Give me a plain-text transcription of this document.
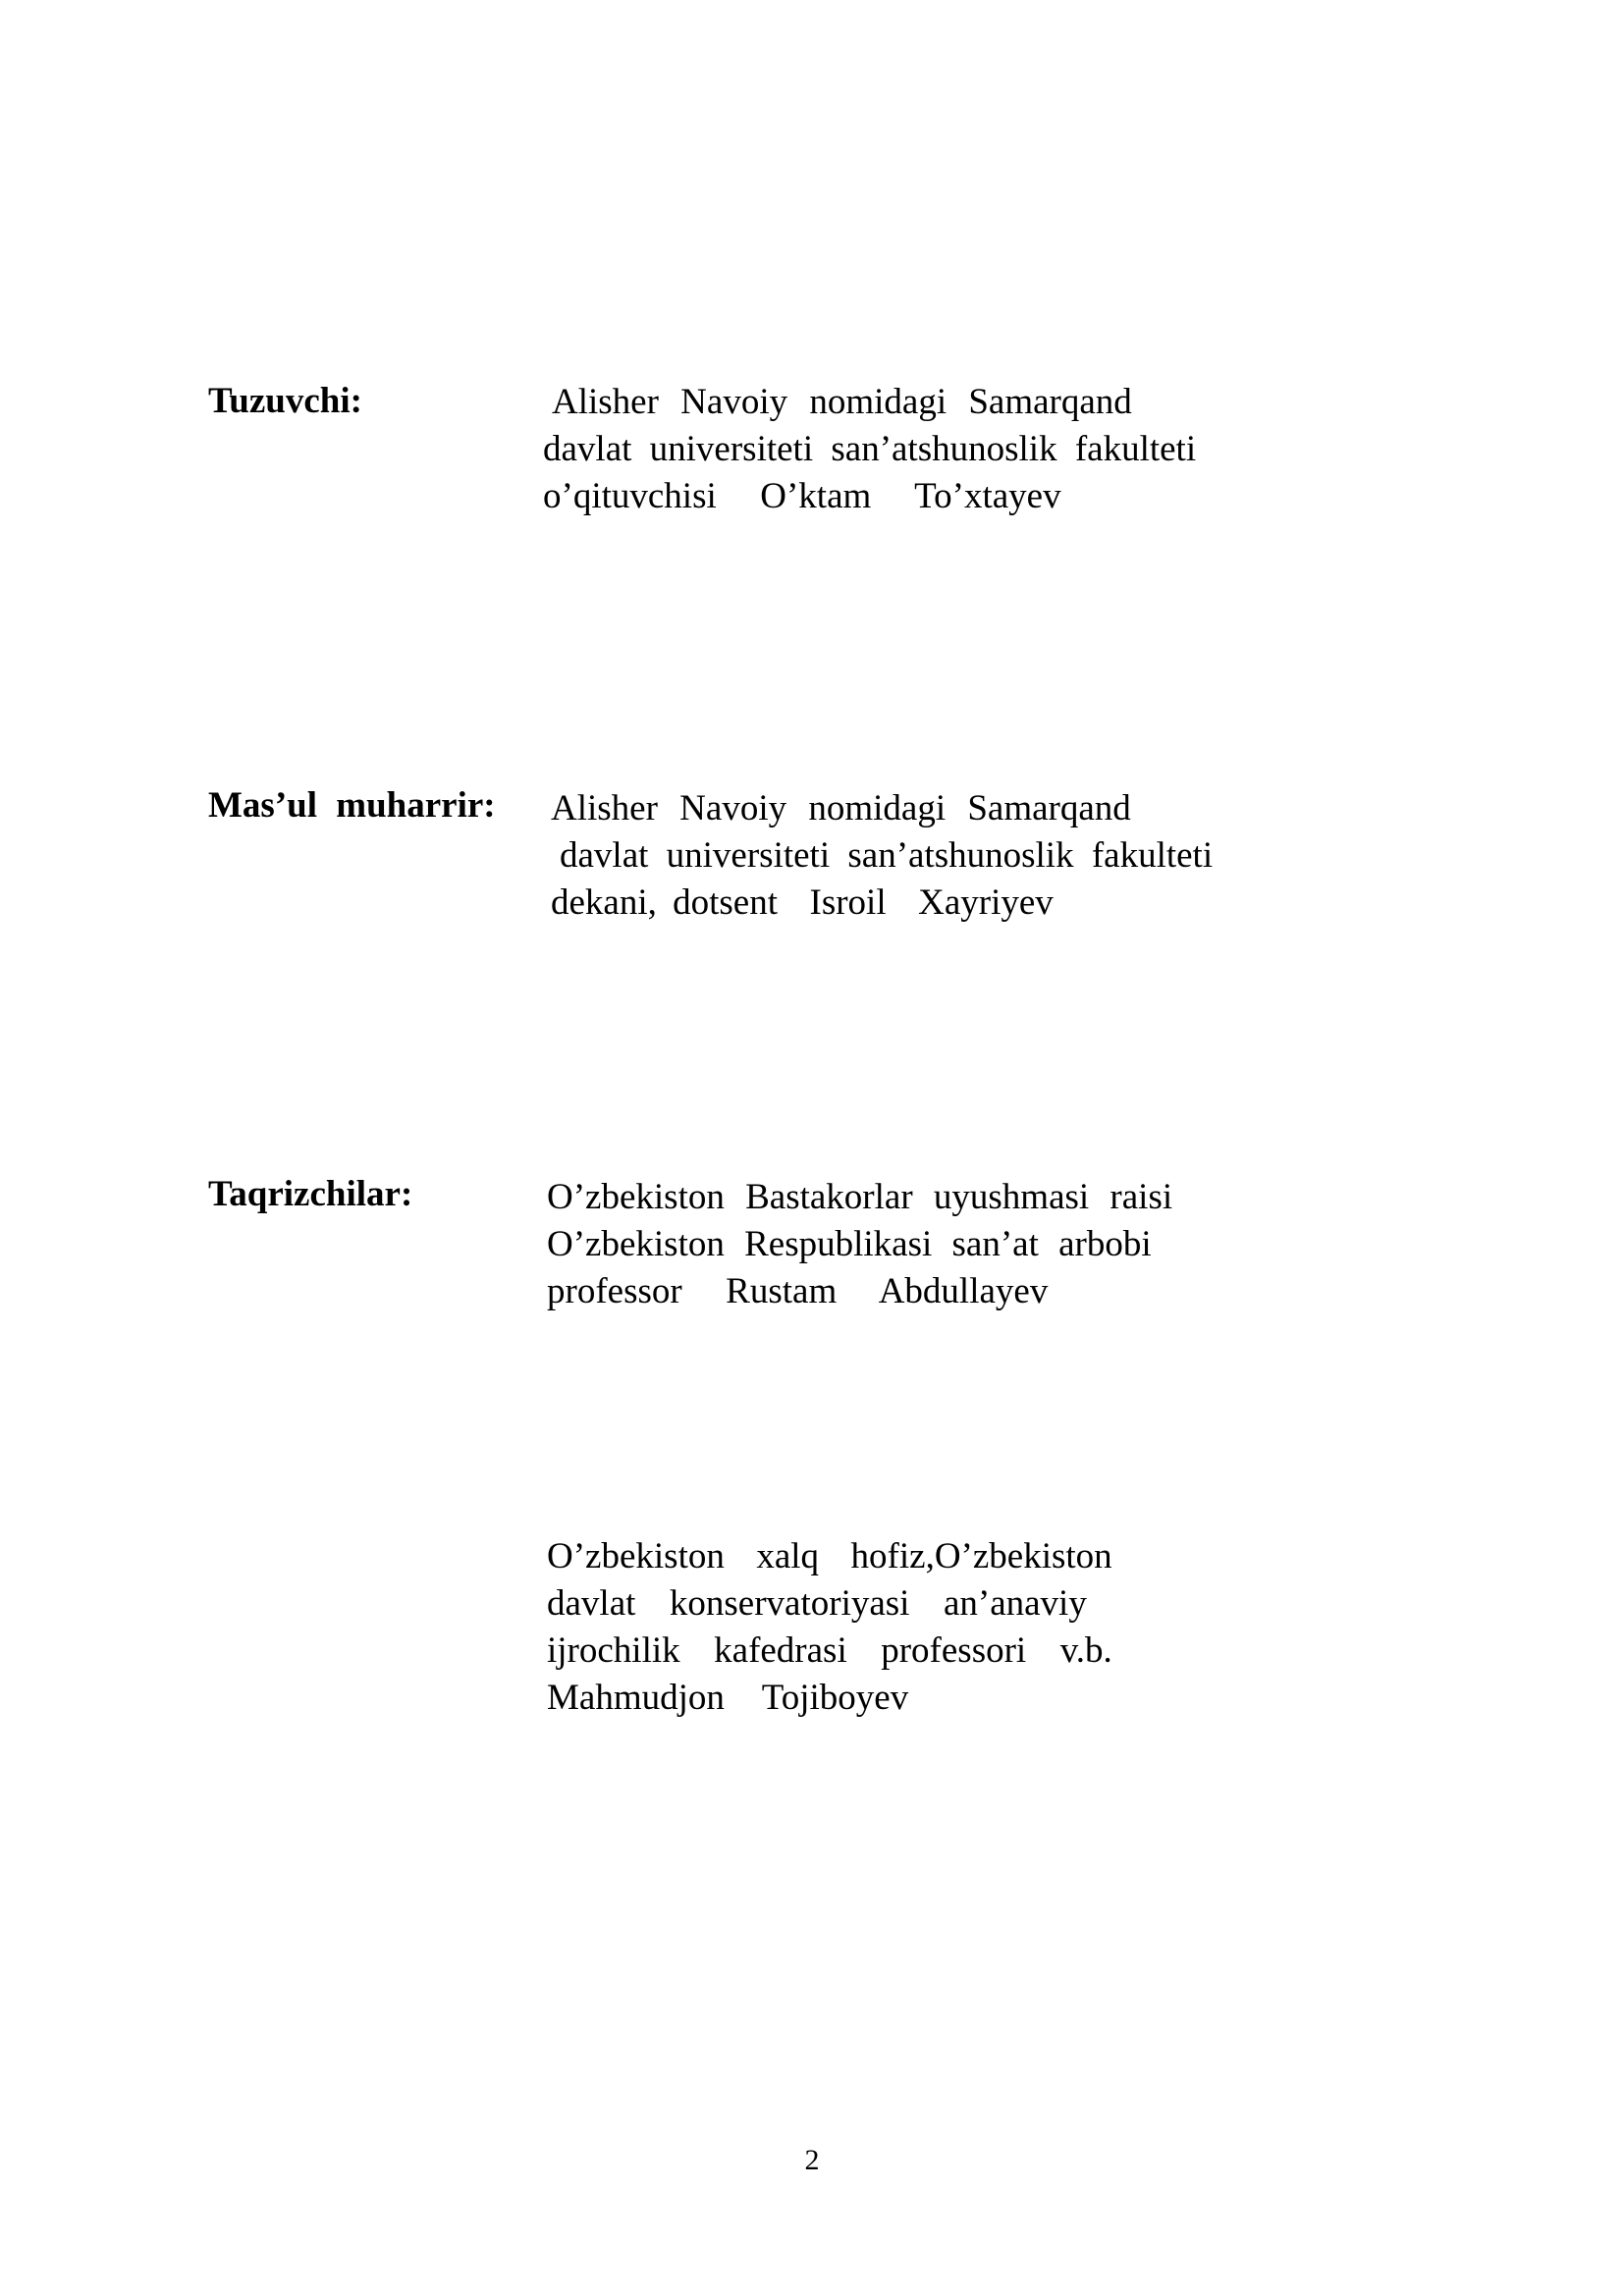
Tuzuvchi:	Alisher Navoiy nomidagi Samarqand
davlat universiteti san’atshunoslik fakulteti
o’qituvchisi  O’ktam  To’xtayev
Mas’ul muharrir: Alisher Navoiy nomidagi Samarqand
davlat universiteti san’atshunoslik fakulteti
dekani, dotsent  Isroil  Xayriyev
Taqrizchilar:	O’zbekiston Bastakorlar uyushmasi raisi
O’zbekiston Respublikasi san’at arbobi
professor  Rustam  Abdullayev
O’zbekiston  xalq  hofiz,O’zbekiston
davlat  konservatoriyasi  an’anaviy
ijrochilik  kafedrasi  professori  v.b.
Mahmudjon  Tojiboyev
2
